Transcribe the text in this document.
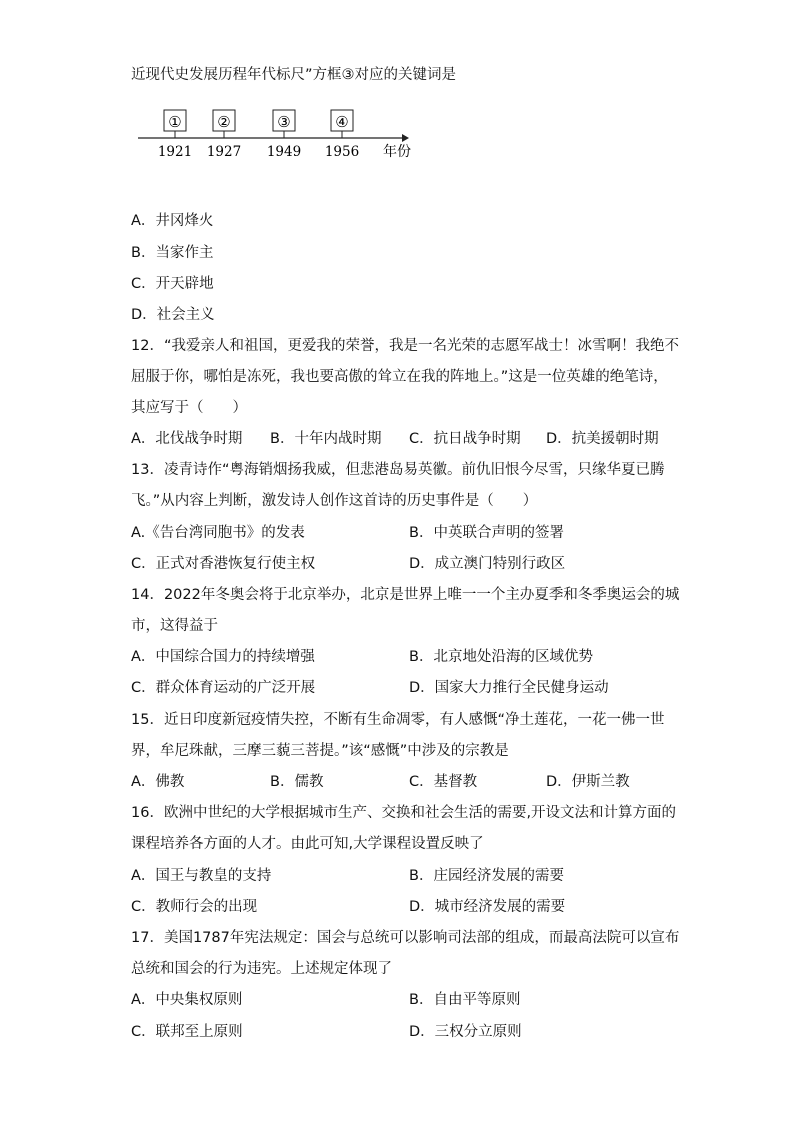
近现代史发展历程年代标尺”方框③对应的关键词是
①
1921
②
1927
③
1949
④
1956 年份
A．井冈烽火
B．当家作主
C．开天辟地
D．社会主义
12．“我爱亲人和祖国，更爱我的荣誉，我是一名光荣的志愿军战士！冰雪啊！我绝不
屈服于你，哪怕是冻死，我也要高傲的耸立在我的阵地上。”这是一位英雄的绝笔诗，
其应写于（　　）
A．北伐战争时期 B．十年内战时期 C．抗日战争时期 D．抗美援朝时期
13．凌青诗作“粤海销烟扬我威，但悲港岛易英徽。前仇旧恨今尽雪，只缘华夏已腾
飞。”从内容上判断，激发诗人创作这首诗的历史事件是（　　）
A.《告台湾同胞书》的发表	B．中英联合声明的签署
C．正式对香港恢复行使主权	D．成立澳门特别行政区
14．2022年冬奥会将于北京举办，北京是世界上唯一一个主办夏季和冬季奥运会的城
市，这得益于
A．中国综合国力的持续增强	B．北京地处沿海的区域优势
C．群众体育运动的广泛开展	D．国家大力推行全民健身运动
15．近日印度新冠疫情失控，不断有生命凋零，有人感慨“净土莲花，一花一佛一世
界，牟尼珠献，三摩三藐三菩提。”该“感慨”中涉及的宗教是
A．佛教	B．儒教	C．基督教	D．伊斯兰教
16．欧洲中世纪的大学根据城市生产、交换和社会生活的需要,开设文法和计算方面的
课程培养各方面的人才。由此可知,大学课程设置反映了
A．国王与教皇的支持	B．庄园经济发展的需要
C．教师行会的出现	D．城市经济发展的需要
17．美国1787年宪法规定：国会与总统可以影响司法部的组成，而最高法院可以宣布
总统和国会的行为违宪。上述规定体现了
A．中央集权原则	B．自由平等原则
C．联邦至上原则	D．三权分立原则
